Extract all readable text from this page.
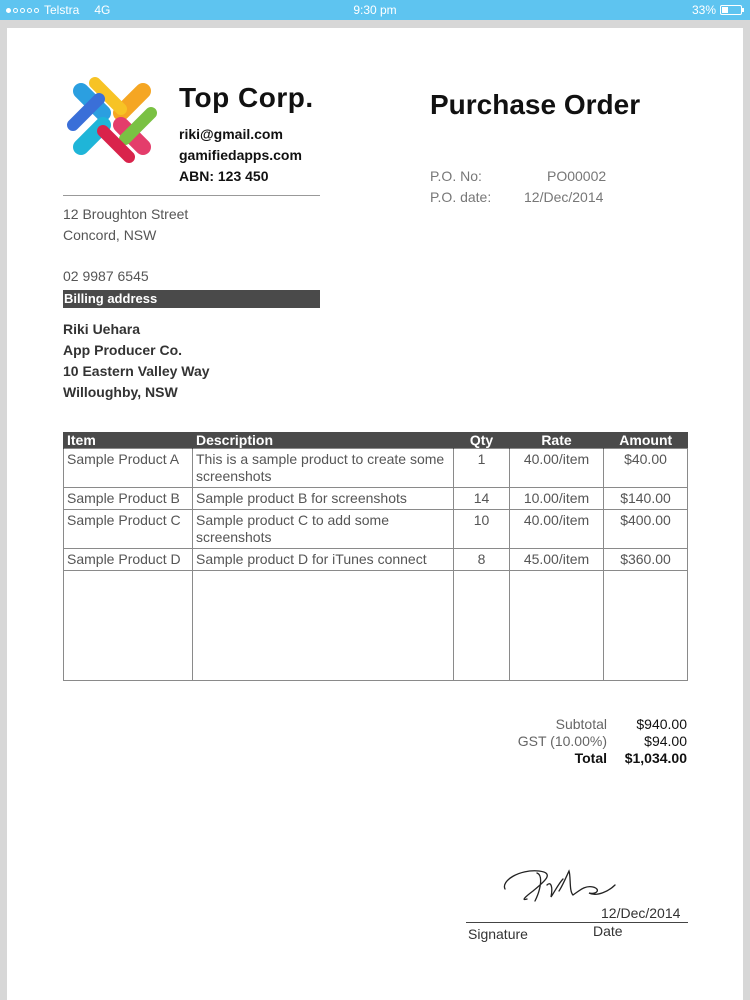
Telstra 4G	9:30 pm	33%
Top Corp.
riki@gmail.com
gamifiedapps.com
ABN: 123 450
Purchase Order
12 Broughton Street
Concord, NSW
02 9987 6545
Billing address
Riki Uehara
App Producer Co.
10 Eastern Valley Way
Willoughby, NSW
P.O. No:	PO00002
P.O. date: 12/Dec/2014
Item	Description	Qty	Rate	Amount
Sample Product A	This is a sample product to create some screenshots	1	40.00/item	$40.00
Sample Product B	Sample product B for screenshots	14	10.00/item	$140.00
Sample Product C	Sample product C to add some screenshots	10	40.00/item	$400.00
Sample Product D	Sample product D for iTunes connect	8	45.00/item	$360.00

Subtotal	$940.00
GST (10.00%)	$94.00
Total	$1,034.00
12/Dec/2014
Signature	Date
